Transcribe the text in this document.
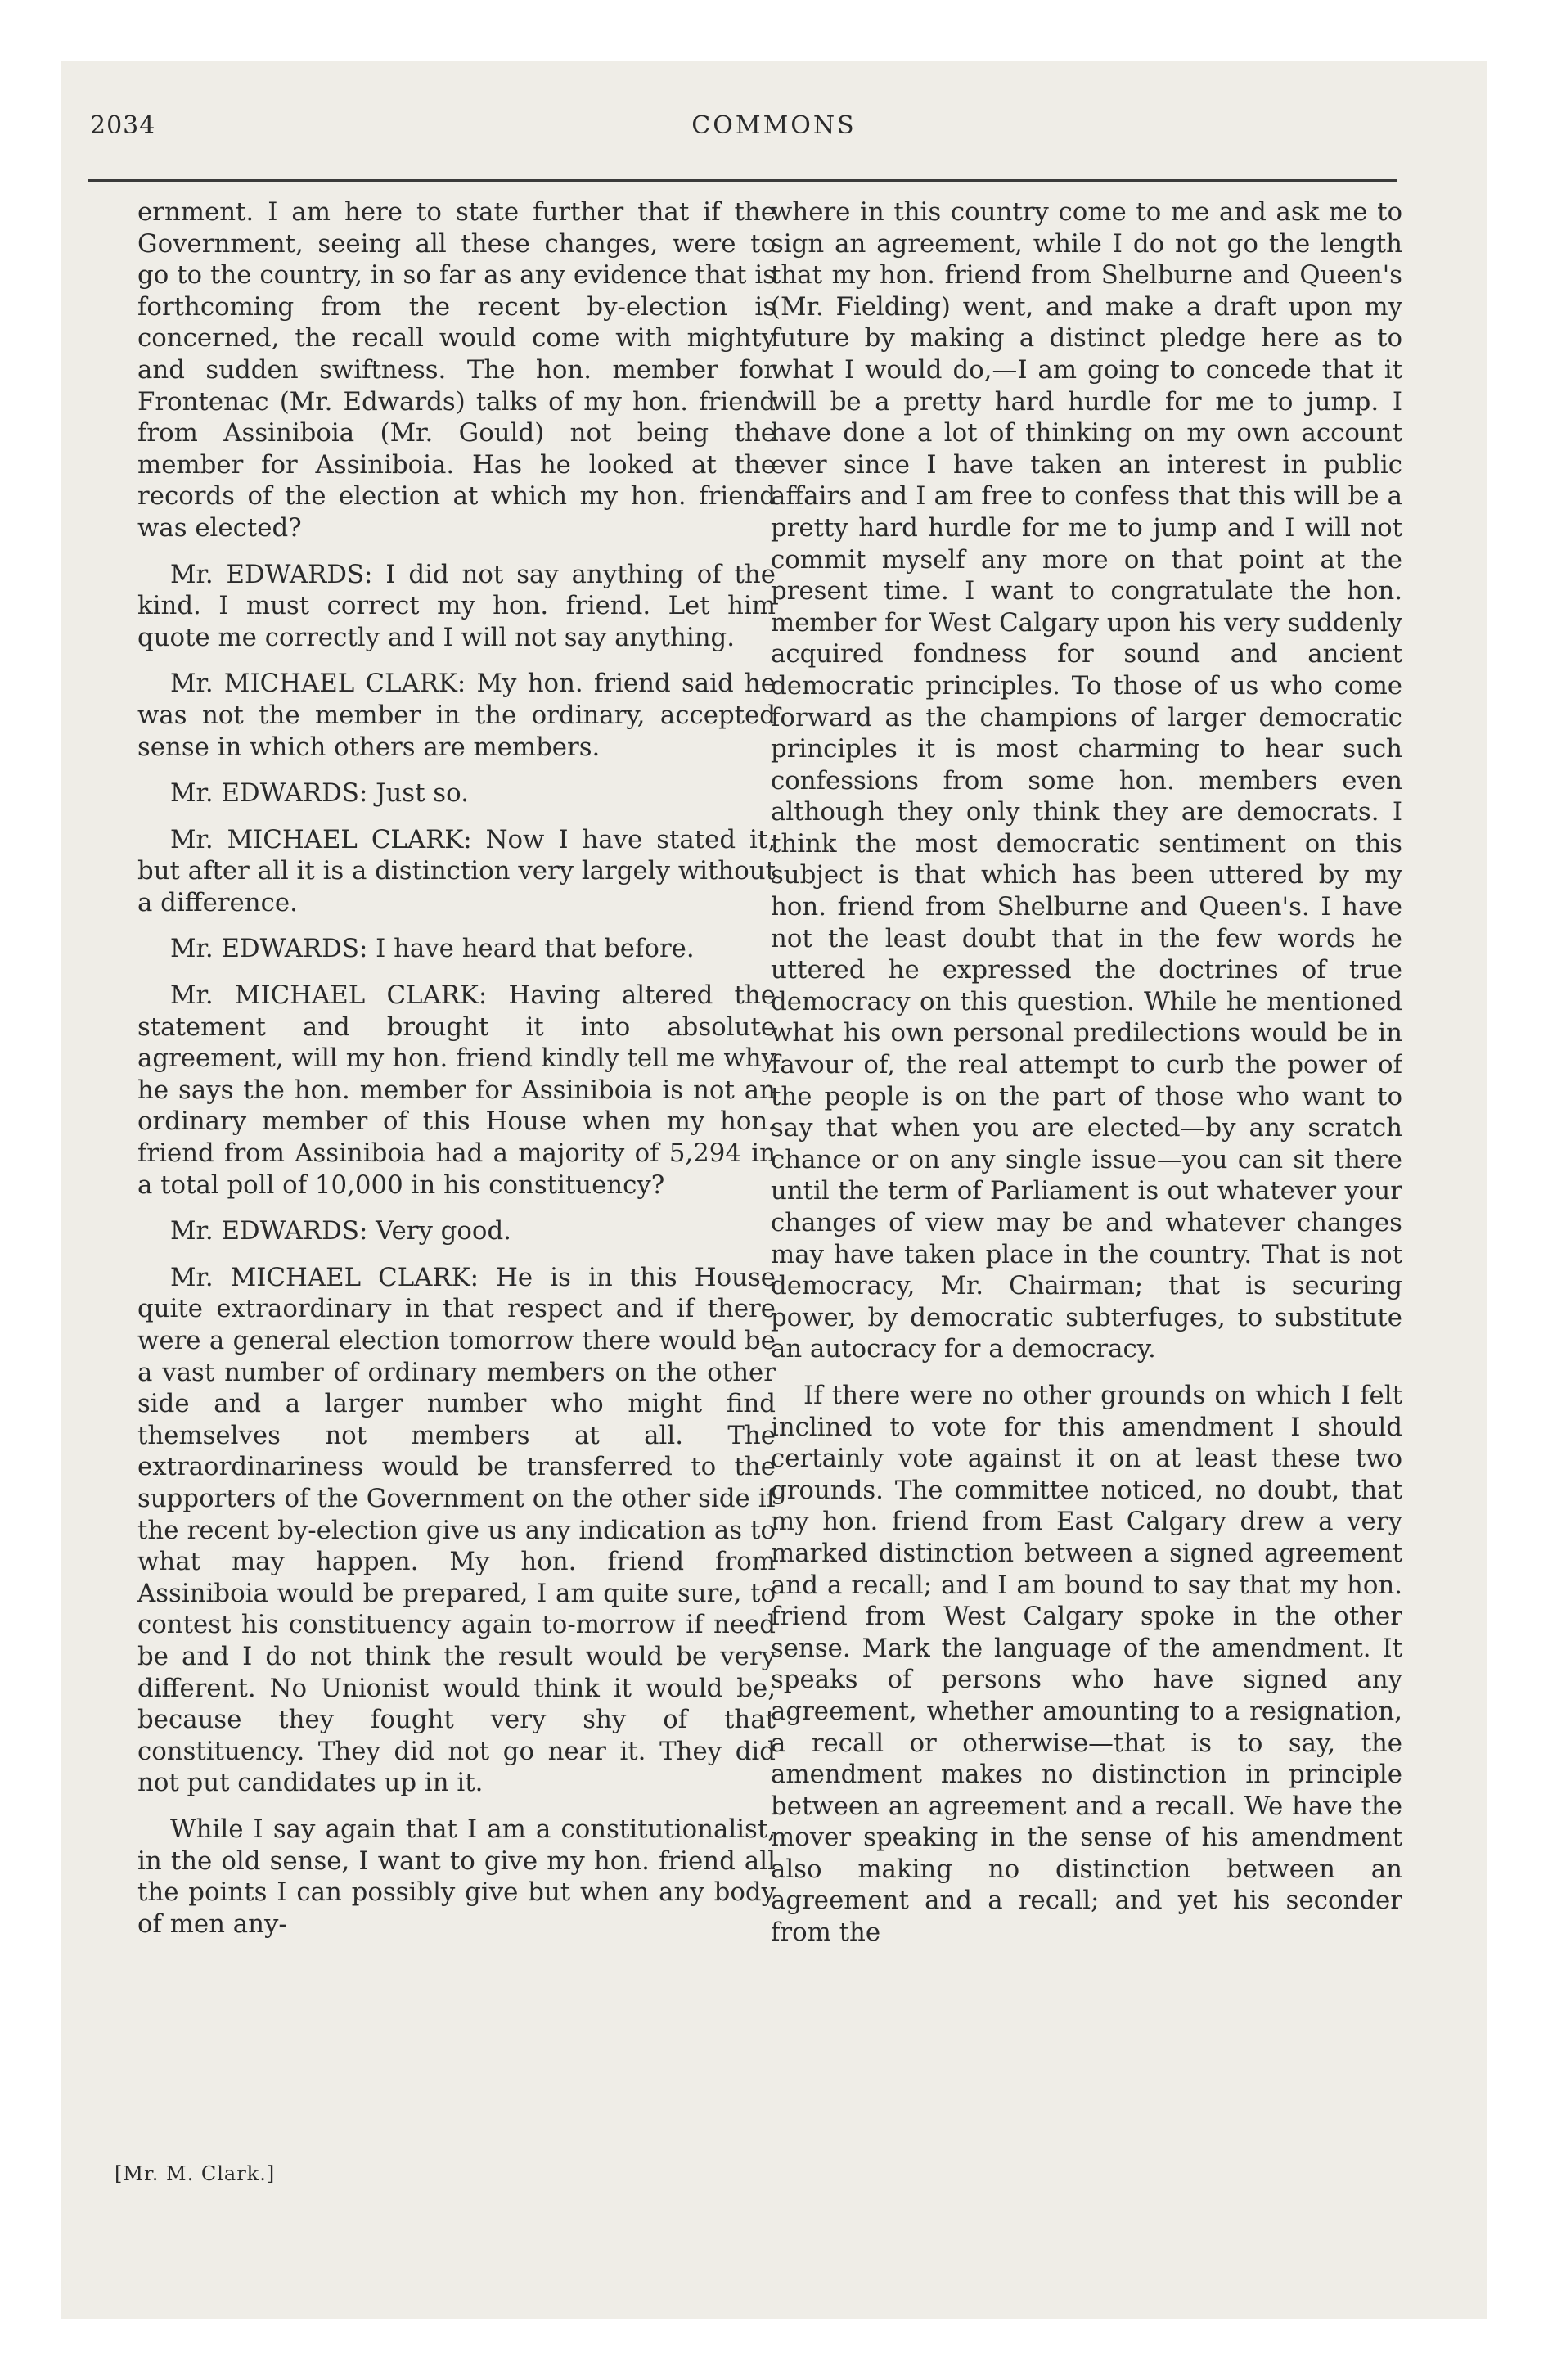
2034	COMMONS

ernment. I am here to state further that if the Government, seeing all these changes, were to go to the country, in so far as any evidence that is forthcoming from the recent by-election is concerned, the recall would come with mighty and sudden swiftness. The hon. member for Frontenac (Mr. Edwards) talks of my hon. friend from Assiniboia (Mr. Gould) not being the member for Assiniboia. Has he looked at the records of the election at which my hon. friend was elected?

Mr. EDWARDS: I did not say anything of the kind. I must correct my hon. friend. Let him quote me correctly and I will not say anything.

Mr. MICHAEL CLARK: My hon. friend said he was not the member in the ordinary, accepted sense in which others are members.

Mr. EDWARDS: Just so.

Mr. MICHAEL CLARK: Now I have stated it, but after all it is a distinction very largely without a difference.

Mr. EDWARDS: I have heard that before.

Mr. MICHAEL CLARK: Having altered the statement and brought it into absolute agreement, will my hon. friend kindly tell me why he says the hon. member for Assiniboia is not an ordinary member of this House when my hon. friend from Assiniboia had a majority of 5,294 in a total poll of 10,000 in his constituency?

Mr. EDWARDS: Very good.

Mr. MICHAEL CLARK: He is in this House quite extraordinary in that respect and if there were a general election tomorrow there would be a vast number of ordinary members on the other side and a larger number who might find themselves not members at all. The extraordinariness would be transferred to the supporters of the Government on the other side if the recent by-election give us any indication as to what may happen. My hon. friend from Assiniboia would be prepared, I am quite sure, to contest his constituency again to-morrow if need be and I do not think the result would be very different. No Unionist would think it would be, because they fought very shy of that constituency. They did not go near it. They did not put candidates up in it.

While I say again that I am a constitutionalist, in the old sense, I want to give my hon. friend all the points I can possibly give but when any body of men any-

[Mr. M. Clark.]

where in this country come to me and ask me to sign an agreement, while I do not go the length that my hon. friend from Shelburne and Queen's (Mr. Fielding) went, and make a draft upon my future by making a distinct pledge here as to what I would do,—I am going to concede that it will be a pretty hard hurdle for me to jump. I have done a lot of thinking on my own account ever since I have taken an interest in public affairs and I am free to confess that this will be a pretty hard hurdle for me to jump and I will not commit myself any more on that point at the present time. I want to congratulate the hon. member for West Calgary upon his very suddenly acquired fondness for sound and ancient democratic principles. To those of us who come forward as the champions of larger democratic principles it is most charming to hear such confessions from some hon. members even although they only think they are democrats. I think the most democratic sentiment on this subject is that which has been uttered by my hon. friend from Shelburne and Queen's. I have not the least doubt that in the few words he uttered he expressed the doctrines of true democracy on this question. While he mentioned what his own personal predilections would be in favour of, the real attempt to curb the power of the people is on the part of those who want to say that when you are elected—by any scratch chance or on any single issue—you can sit there until the term of Parliament is out whatever your changes of view may be and whatever changes may have taken place in the country. That is not democracy, Mr. Chairman; that is securing power, by democratic subterfuges, to substitute an autocracy for a democracy.

If there were no other grounds on which I felt inclined to vote for this amendment I should certainly vote against it on at least these two grounds. The committee noticed, no doubt, that my hon. friend from East Calgary drew a very marked distinction between a signed agreement and a recall; and I am bound to say that my hon. friend from West Calgary spoke in the other sense. Mark the language of the amendment. It speaks of persons who have signed any agreement, whether amounting to a resignation, a recall or otherwise—that is to say, the amendment makes no distinction in principle between an agreement and a recall. We have the mover speaking in the sense of his amendment also making no distinction between an agreement and a recall; and yet his seconder from the
